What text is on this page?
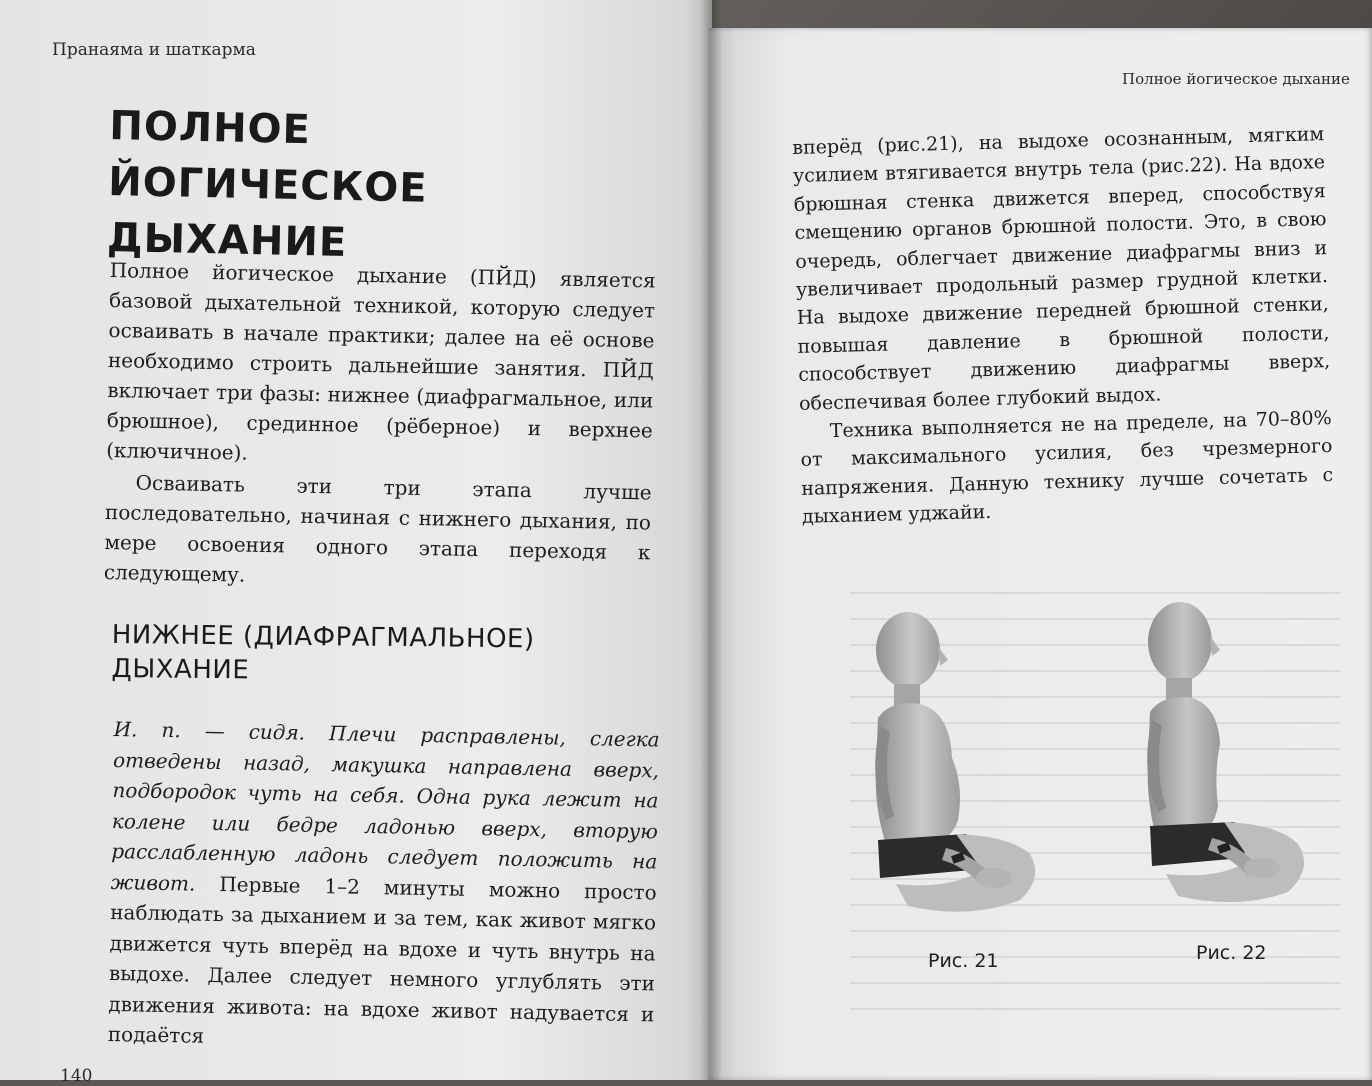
Пранаяма и шаткарма
ПОЛНОЕ ЙОГИЧЕСКОЕ ДЫХАНИЕ

Полное йогическое дыхание (ПЙД) является базовой дыхательной техникой, которую следует осваивать в начале практики; далее на её основе необходимо строить дальнейшие занятия. ПЙД включает три фазы: нижнее (диафрагмальное, или брюшное), срединное (рёберное) и верхнее (ключичное).

Осваивать эти три этапа лучше последовательно, начиная с нижнего дыхания, по мере освоения одного этапа переходя к следующему.

НИЖНЕЕ (ДИАФРАГМАЛЬНОЕ) ДЫХАНИЕ

И. п. — сидя. Плечи расправлены, слегка отведены назад, макушка направлена вверх, подбородок чуть на себя. Одна рука лежит на колене или бедре ладонью вверх, вторую расслабленную ладонь следует положить на живот. Первые 1–2 минуты можно просто наблюдать за дыханием и за тем, как живот мягко движется чуть вперёд на вдохе и чуть внутрь на выдохе. Далее следует немного углублять эти движения живота: на вдохе живот надувается и подаётся

140
Полное йогическое дыхание

вперёд (рис.21), на выдохе осознанным, мягким усилием втягивается внутрь тела (рис.22). На вдохе брюшная стенка движется вперед, способствуя смещению органов брюшной полости. Это, в свою очередь, облегчает движение диафрагмы вниз и увеличивает продольный размер грудной клетки. На выдохе движение передней брюшной стенки, повышая давление в брюшной полости, способствует движению диафрагмы вверх, обеспечивая более глубокий выдох.

Техника выполняется не на пределе, на 70–80% от максимального усилия, без чрезмерного напряжения. Данную технику лучше сочетать с дыханием уджайи.

Рис. 21	Рис. 22
